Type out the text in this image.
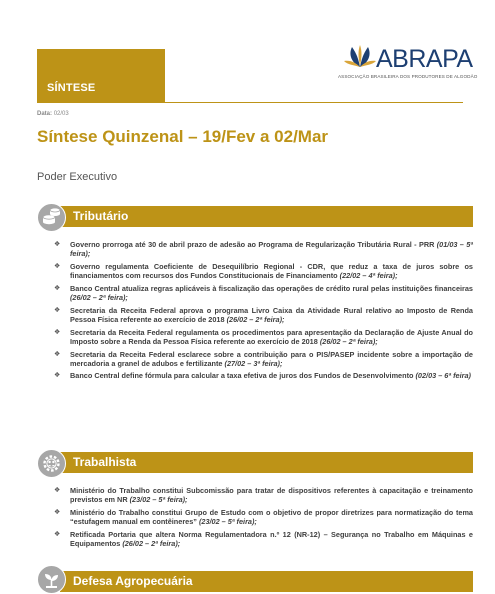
SÍNTESE
ABRAPA
ASSOCIAÇÃO BRASILEIRA DOS PRODUTORES DE ALGODÃO
Data: 02/03
Síntese Quinzenal – 19/Fev a 02/Mar
Poder Executivo
Tributário
❖ Governo prorroga até 30 de abril prazo de adesão ao Programa de Regularização Tributária Rural - PRR (01/03 – 5ª feira);
❖ Governo regulamenta Coeficiente de Desequilíbrio Regional - CDR, que reduz a taxa de juros sobre os financiamentos com recursos dos Fundos Constitucionais de Financiamento (22/02 – 4ª feira);
❖ Banco Central atualiza regras aplicáveis à fiscalização das operações de crédito rural pelas instituições financeiras (26/02 – 2ª feira);
❖ Secretaria da Receita Federal aprova o programa Livro Caixa da Atividade Rural relativo ao Imposto de Renda Pessoa Física referente ao exercício de 2018 (26/02 – 2ª feira);
❖ Secretaria da Receita Federal regulamenta os procedimentos para apresentação da Declaração de Ajuste Anual do Imposto sobre a Renda da Pessoa Física referente ao exercício de 2018 (26/02 – 2ª feira);
❖ Secretaria da Receita Federal esclarece sobre a contribuição para o PIS/PASEP incidente sobre a importação de mercadoria a granel de adubos e fertilizante (27/02 – 3ª feira);
❖ Banco Central define fórmula para calcular a taxa efetiva de juros dos Fundos de Desenvolvimento (02/03 – 6ª feira)
Trabalhista
❖ Ministério do Trabalho constitui Subcomissão para tratar de dispositivos referentes à capacitação e treinamento previstos em NR (23/02 – 5ª feira);
❖ Ministério do Trabalho constitui Grupo de Estudo com o objetivo de propor diretrizes para normatização do tema “estufagem manual em contêineres” (23/02 – 5ª feira);
❖ Retificada Portaria que altera Norma Regulamentadora n.º 12 (NR-12) – Segurança no Trabalho em Máquinas e Equipamentos (26/02 – 2ª feira);
Defesa Agropecuária
